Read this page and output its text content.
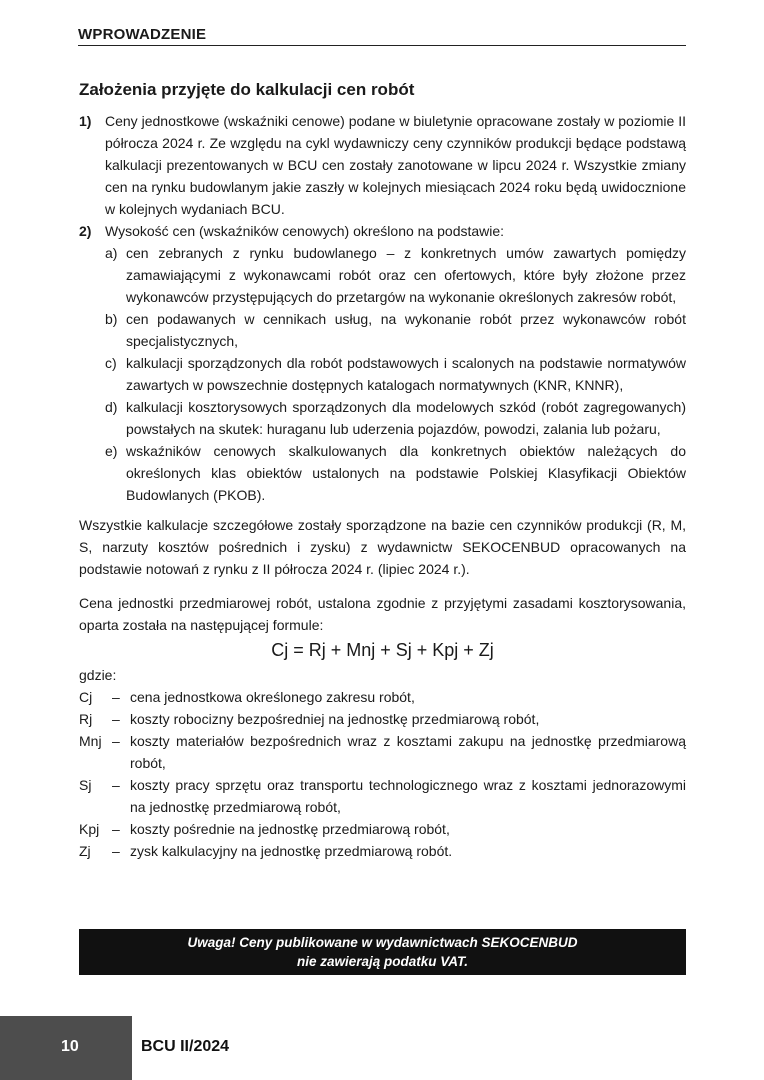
WPROWADZENIE
Założenia przyjęte do kalkulacji cen robót
1) Ceny jednostkowe (wskaźniki cenowe) podane w biuletynie opracowane zostały w poziomie II półrocza 2024 r. Ze względu na cykl wydawniczy ceny czynników produkcji będące podstawą kalkulacji prezentowanych w BCU cen zostały zanotowane w lipcu 2024 r. Wszystkie zmiany cen na rynku budowlanym jakie zaszły w kolejnych miesiącach 2024 roku będą uwidocznione w kolejnych wydaniach BCU.
2) Wysokość cen (wskaźników cenowych) określono na podstawie:
a) cen zebranych z rynku budowlanego – z konkretnych umów zawartych pomiędzy zamawiającymi z wykonawcami robót oraz cen ofertowych, które były złożone przez wykonawców przystępujących do przetargów na wykonanie określonych zakresów robót,
b) cen podawanych w cennikach usług, na wykonanie robót przez wykonawców robót specjalistycznych,
c) kalkulacji sporządzonych dla robót podstawowych i scalonych na podstawie normatywów zawartych w powszechnie dostępnych katalogach normatywnych (KNR, KNNR),
d) kalkulacji kosztorysowych sporządzonych dla modelowych szkód (robót zagregowanych) powstałych na skutek: huraganu lub uderzenia pojazdów, powodzi, zalania lub pożaru,
e) wskaźników cenowych skalkulowanych dla konkretnych obiektów należących do określonych klas obiektów ustalonych na podstawie Polskiej Klasyfikacji Obiektów Budowlanych (PKOB).

Wszystkie kalkulacje szczegółowe zostały sporządzone na bazie cen czynników produkcji (R, M, S, narzuty kosztów pośrednich i zysku) z wydawnictw SEKOCENBUD opracowanych na podstawie notowań z rynku z II półrocza 2024 r. (lipiec 2024 r.).

Cena jednostki przedmiarowej robót, ustalona zgodnie z przyjętymi zasadami kosztorysowania, oparta została na następującej formule:

Cj = Rj + Mnj + Sj + Kpj + Zj
gdzie:
Cj	– cena jednostkowa określonego zakresu robót,
Rj	– koszty robocizny bezpośredniej na jednostkę przedmiarową robót,
Mnj – koszty materiałów bezpośrednich wraz z kosztami zakupu na jednostkę przedmiarową robót,
Sj	– koszty pracy sprzętu oraz transportu technologicznego wraz z kosztami jednorazowymi na jednostkę przedmiarową robót,
Kpj – koszty pośrednie na jednostkę przedmiarową robót,
Zj	– zysk kalkulacyjny na jednostkę przedmiarową robót.
Uwaga! Ceny publikowane w wydawnictwach SEKOCENBUD
nie zawierają podatku VAT.
10	BCU II/2024
